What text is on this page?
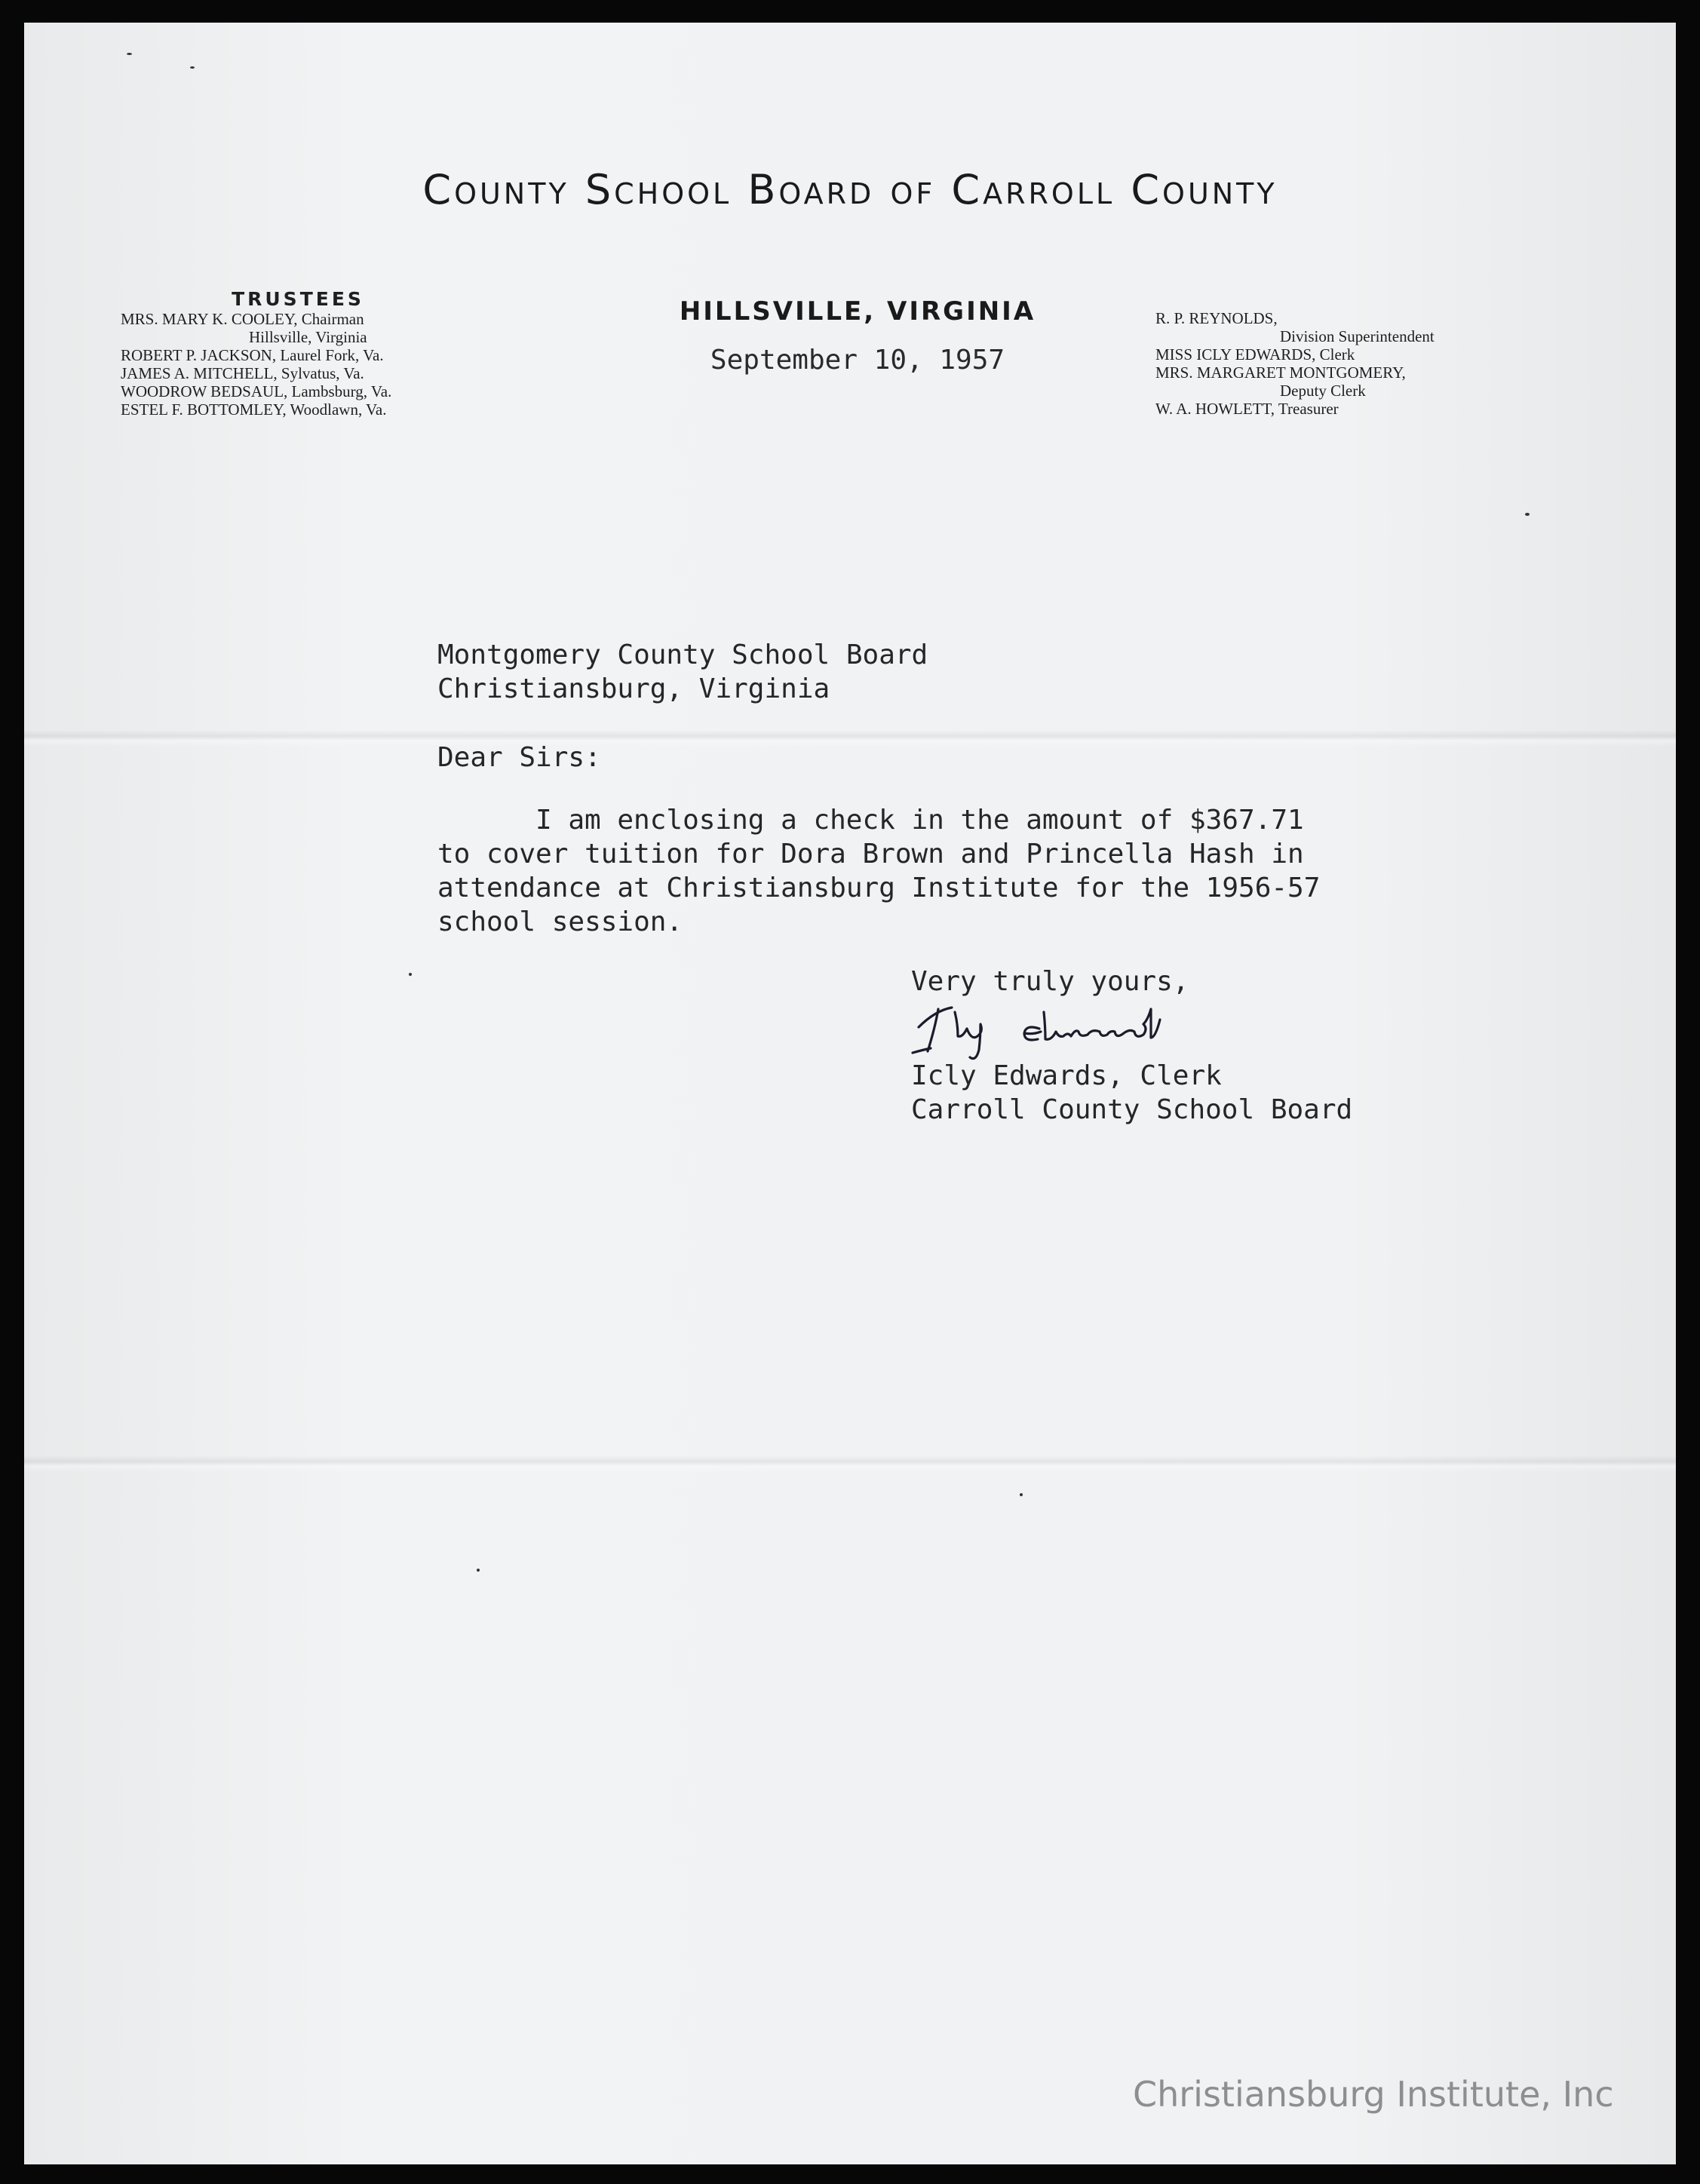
County School Board of Carroll County
TRUSTEES
MRS. MARY K. COOLEY, Chairman
Hillsville, Virginia
ROBERT P. JACKSON, Laurel Fork, Va.
JAMES A. MITCHELL, Sylvatus, Va.
WOODROW BEDSAUL, Lambsburg, Va.
ESTEL F. BOTTOMLEY, Woodlawn, Va.
HILLSVILLE, VIRGINIA
September 10, 1957
R. P. REYNOLDS,
Division Superintendent
MISS ICLY EDWARDS, Clerk
MRS. MARGARET MONTGOMERY,
Deputy Clerk
W. A. HOWLETT, Treasurer
Montgomery County School Board
Christiansburg, Virginia
Dear Sirs:
I am enclosing a check in the amount of $367.71
to cover tuition for Dora Brown and Princella Hash in
attendance at Christiansburg Institute for the 1956-57
school session.
Very truly yours,
Icly Edwards, Clerk
Carroll County School Board
Christiansburg Institute, Inc
